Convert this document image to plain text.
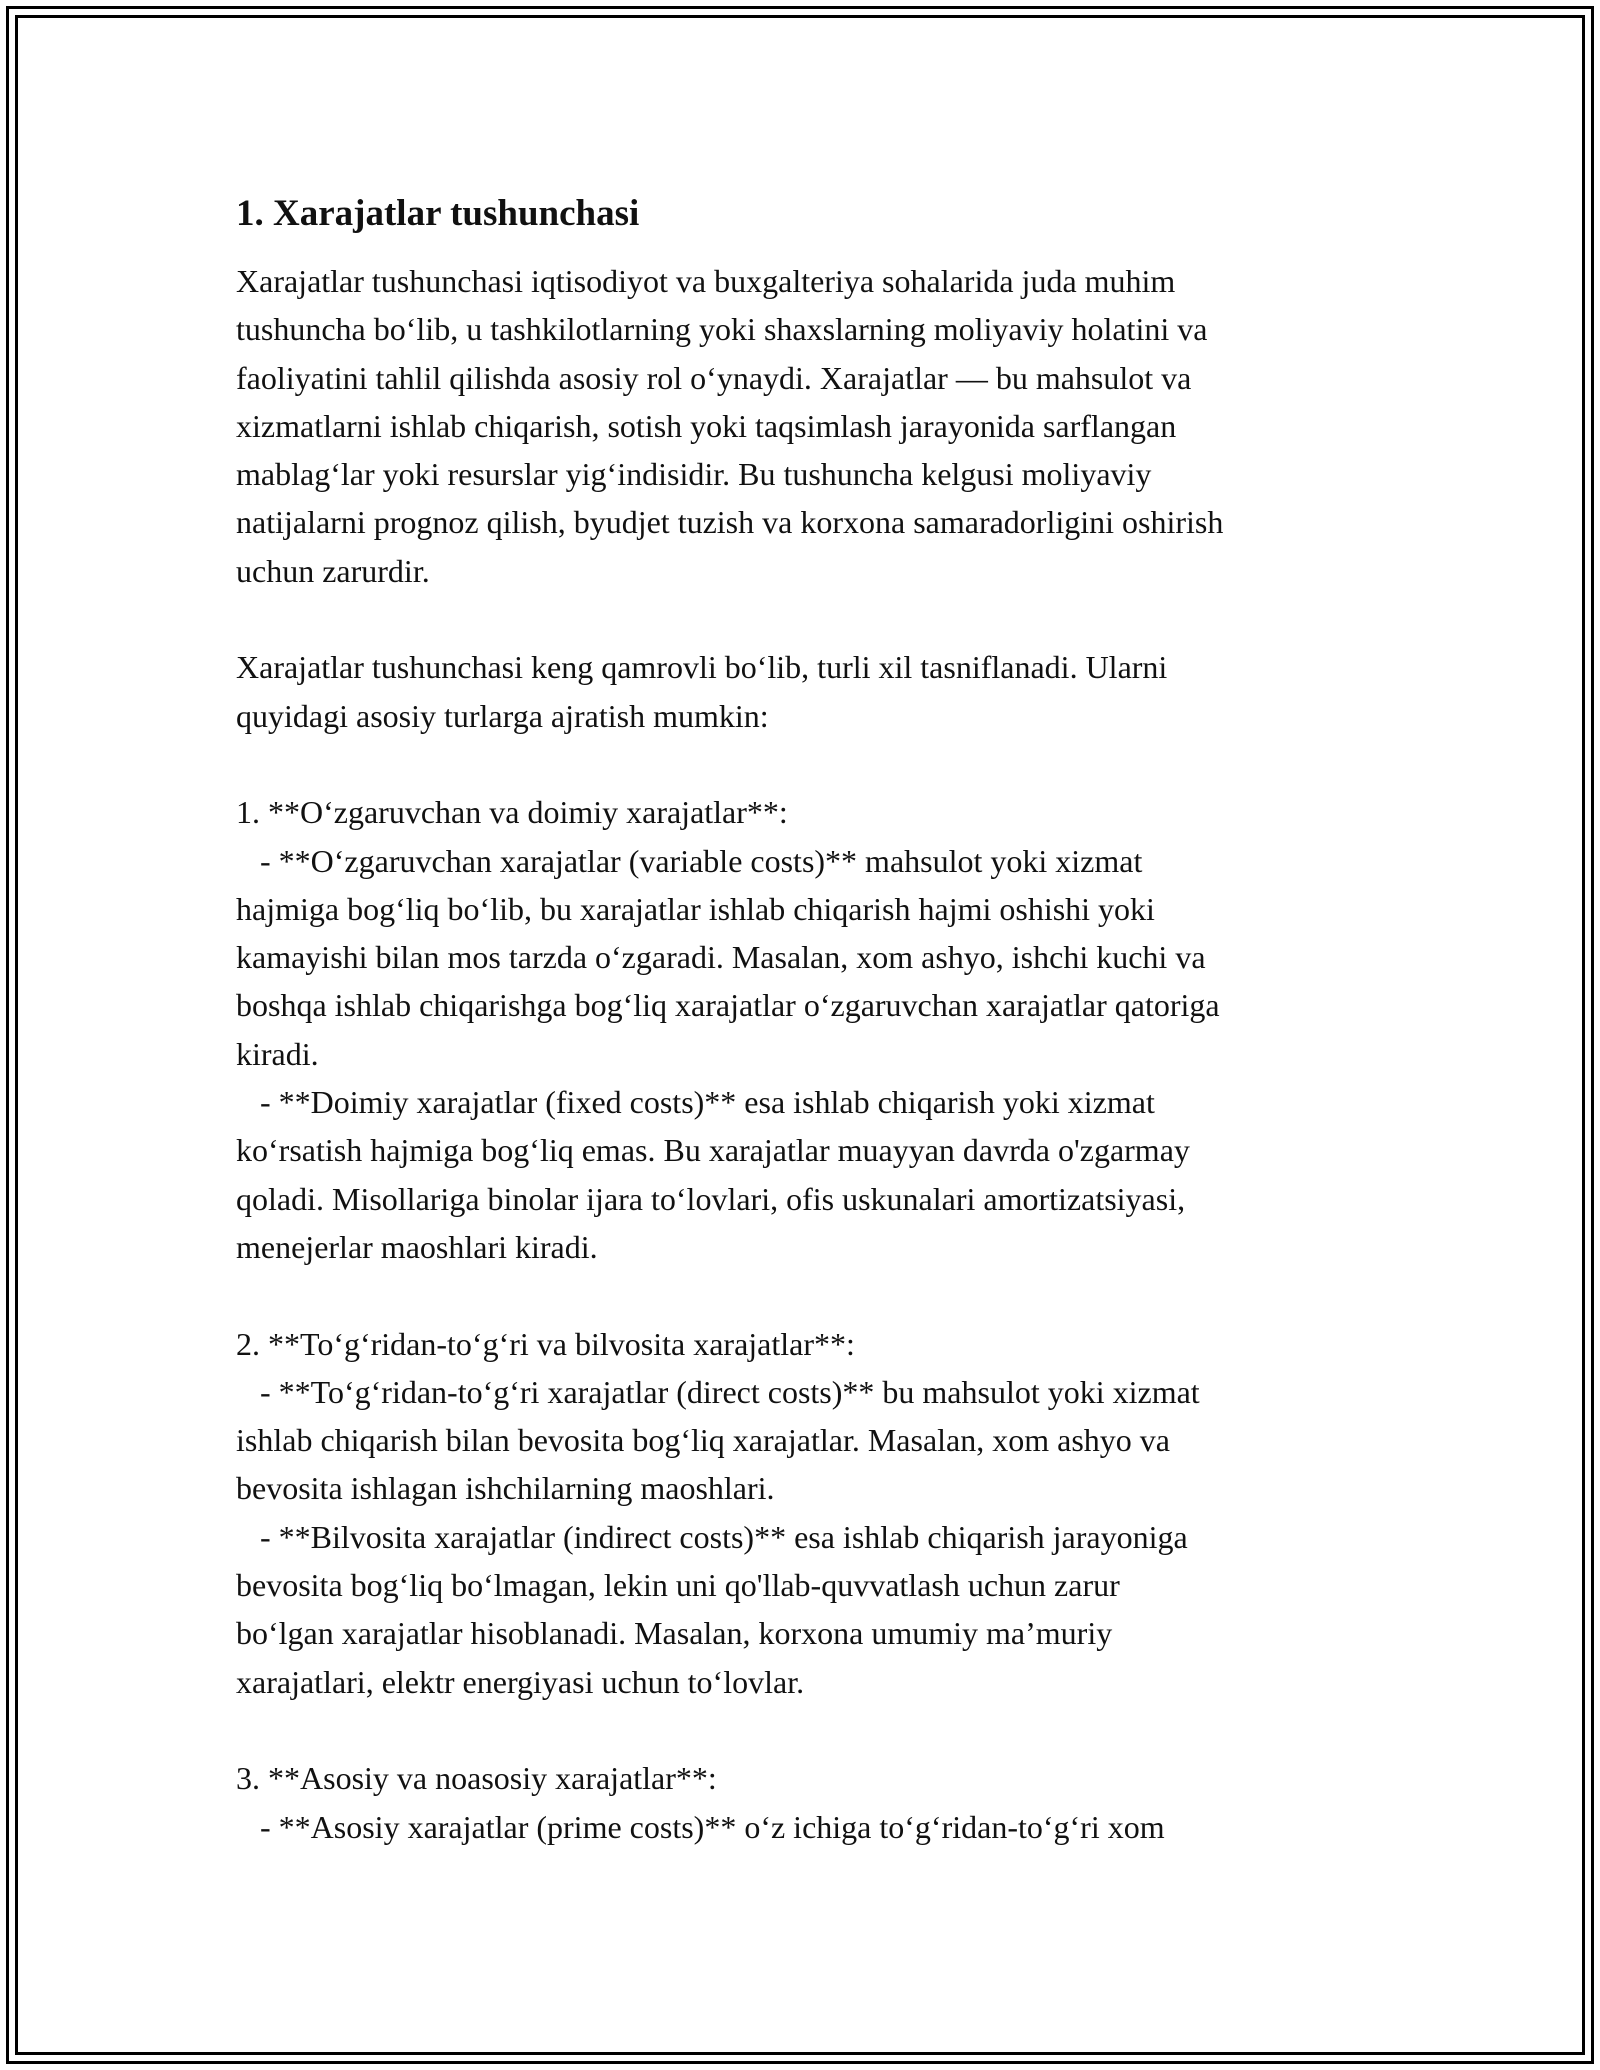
1. Xarajatlar tushunchasi
Xarajatlar tushunchasi iqtisodiyot va buxgalteriya sohalarida juda muhim
tushuncha bo‘lib, u tashkilotlarning yoki shaxslarning moliyaviy holatini va
faoliyatini tahlil qilishda asosiy rol o‘ynaydi. Xarajatlar — bu mahsulot va
xizmatlarni ishlab chiqarish, sotish yoki taqsimlash jarayonida sarflangan
mablag‘lar yoki resurslar yig‘indisidir. Bu tushuncha kelgusi moliyaviy
natijalarni prognoz qilish, byudjet tuzish va korxona samaradorligini oshirish
uchun zarurdir.
Xarajatlar tushunchasi keng qamrovli bo‘lib, turli xil tasniflanadi. Ularni
quyidagi asosiy turlarga ajratish mumkin:
1. **O‘zgaruvchan va doimiy xarajatlar**:
- **O‘zgaruvchan xarajatlar (variable costs)** mahsulot yoki xizmat
hajmiga bog‘liq bo‘lib, bu xarajatlar ishlab chiqarish hajmi oshishi yoki
kamayishi bilan mos tarzda o‘zgaradi. Masalan, xom ashyo, ishchi kuchi va
boshqa ishlab chiqarishga bog‘liq xarajatlar o‘zgaruvchan xarajatlar qatoriga
kiradi.
- **Doimiy xarajatlar (fixed costs)** esa ishlab chiqarish yoki xizmat
ko‘rsatish hajmiga bog‘liq emas. Bu xarajatlar muayyan davrda o'zgarmay
qoladi. Misollariga binolar ijara to‘lovlari, ofis uskunalari amortizatsiyasi,
menejerlar maoshlari kiradi.
2. **To‘g‘ridan-to‘g‘ri va bilvosita xarajatlar**:
- **To‘g‘ridan-to‘g‘ri xarajatlar (direct costs)** bu mahsulot yoki xizmat
ishlab chiqarish bilan bevosita bog‘liq xarajatlar. Masalan, xom ashyo va
bevosita ishlagan ishchilarning maoshlari.
- **Bilvosita xarajatlar (indirect costs)** esa ishlab chiqarish jarayoniga
bevosita bog‘liq bo‘lmagan, lekin uni qo'llab-quvvatlash uchun zarur
bo‘lgan xarajatlar hisoblanadi. Masalan, korxona umumiy ma’muriy
xarajatlari, elektr energiyasi uchun to‘lovlar.
3. **Asosiy va noasosiy xarajatlar**:
- **Asosiy xarajatlar (prime costs)** o‘z ichiga to‘g‘ridan-to‘g‘ri xom
